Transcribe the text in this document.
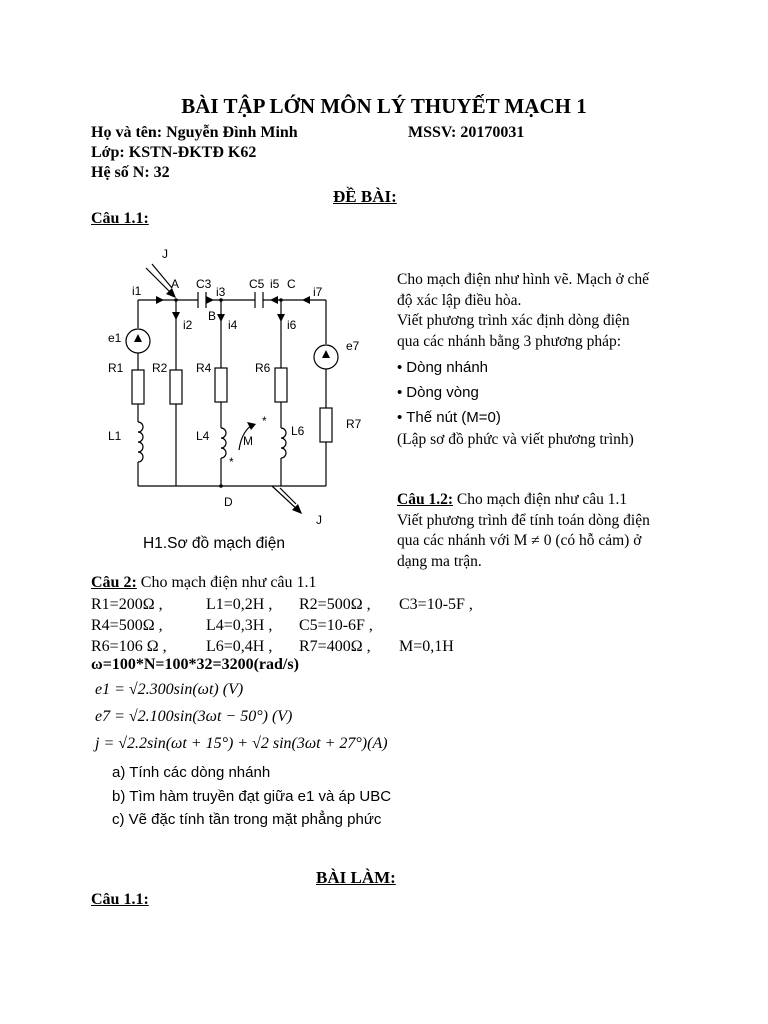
BÀI TẬP LỚN MÔN LÝ THUYẾT MẠCH 1
Họ và tên: Nguyễn Đình Minh	MSSV: 20170031
Lớp: KSTN-ĐKTĐ K62
Hệ số N: 32
ĐỀ BÀI:
Câu 1.1:
J
A C3	C5 i5 C
i7
i1	i3
B
i2	i4	i6
e1
e7
R1 R2 R4	R6
R7
L1	L4	L6
M
*
*
D
J
H1.Sơ đồ mạch điện
Cho mạch điện như hình vẽ. Mạch ở chế
độ xác lập điều hòa.
Viết phương trình xác định dòng điện
qua các nhánh bằng 3 phương pháp:
• Dòng nhánh
• Dòng vòng
• Thế nút (M=0)
(Lập sơ đồ phức và viết phương trình)
Câu 1.2: Cho mạch điện như câu 1.1
Viết phương trình để tính toán dòng điện
qua các nhánh với M ≠ 0 (có hỗ cảm) ở
dạng ma trận.
Câu 2: Cho mạch điện như câu 1.1
R1=200Ω ,	L1=0,2H , R2=500Ω , C3=10-5F ,
R4=500Ω ,	L4=0,3H , C5=10-6F ,
R6=106 Ω , L6=0,4H , R7=400Ω , M=0,1H
ω=100*N=100*32=3200(rad/s)
e1 = √2.300sin(ωt) (V)
e7 = √2.100sin(3ωt − 50°) (V)
j = √2.2sin(ωt + 15°) + √2 sin(3ωt + 27°)(A)
a) Tính các dòng nhánh
b) Tìm hàm truyền đạt giữa e1 và áp UBC
c) Vẽ đặc tính tần trong mặt phẳng phức
BÀI LÀM:
Câu 1.1:
